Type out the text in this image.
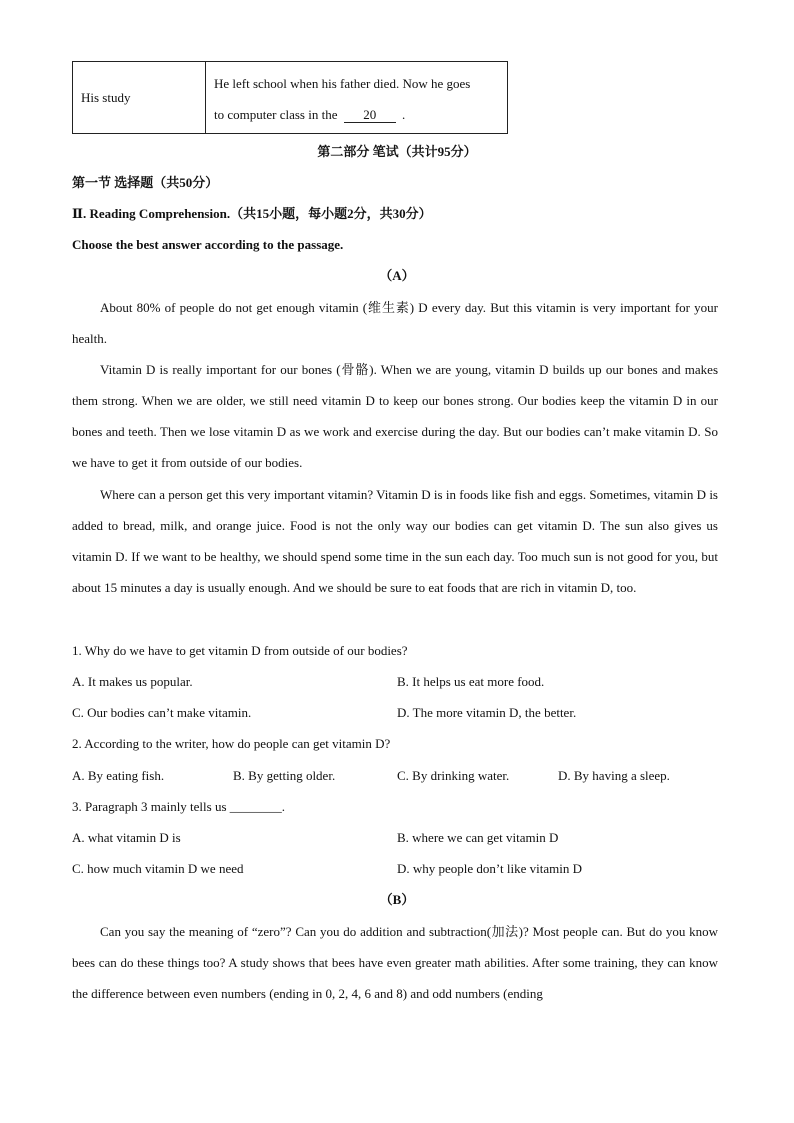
His study	He left school when his father died. Now he goes
to computer class in the 20 .
第二部分 笔试（共计95分）
第一节 选择题（共50分）
Ⅱ. Reading Comprehension.（共15小题，每小题2分，共30分）
Choose the best answer according to the passage.
（A）

About 80% of people do not get enough vitamin (维生素) D every day. But this vitamin is very important for your health.

Vitamin D is really important for our bones (骨骼). When we are young, vitamin D builds up our bones and makes them strong. When we are older, we still need vitamin D to keep our bones strong. Our bodies keep the vitamin D in our bones and teeth. Then we lose vitamin D as we work and exercise during the day. But our bodies can’t make vitamin D. So we have to get it from outside of our bodies.

Where can a person get this very important vitamin? Vitamin D is in foods like fish and eggs. Sometimes, vitamin D is added to bread, milk, and orange juice. Food is not the only way our bodies can get vitamin D. The sun also gives us vitamin D. If we want to be healthy, we should spend some time in the sun each day. Too much sun is not good for you, but about 15 minutes a day is usually enough. And we should be sure to eat foods that are rich in vitamin D, too.

1. Why do we have to get vitamin D from outside of our bodies?
A. It makes us popular.	B. It helps us eat more food.
C. Our bodies can’t make vitamin.	D. The more vitamin D, the better.
2. According to the writer, how do people can get vitamin D?
A. By eating fish.	B. By getting older.	C. By drinking water.	D. By having a sleep.
3. Paragraph 3 mainly tells us ________.
A. what vitamin D is	B. where we can get vitamin D
C. how much vitamin D we need	D. why people don’t like vitamin D
（B）

Can you say the meaning of “zero”? Can you do addition and subtraction(加法)? Most people can. But do you know bees can do these things too? A study shows that bees have even greater math abilities. After some training, they can know the difference between even numbers (ending in 0, 2, 4, 6 and 8) and odd numbers (ending
